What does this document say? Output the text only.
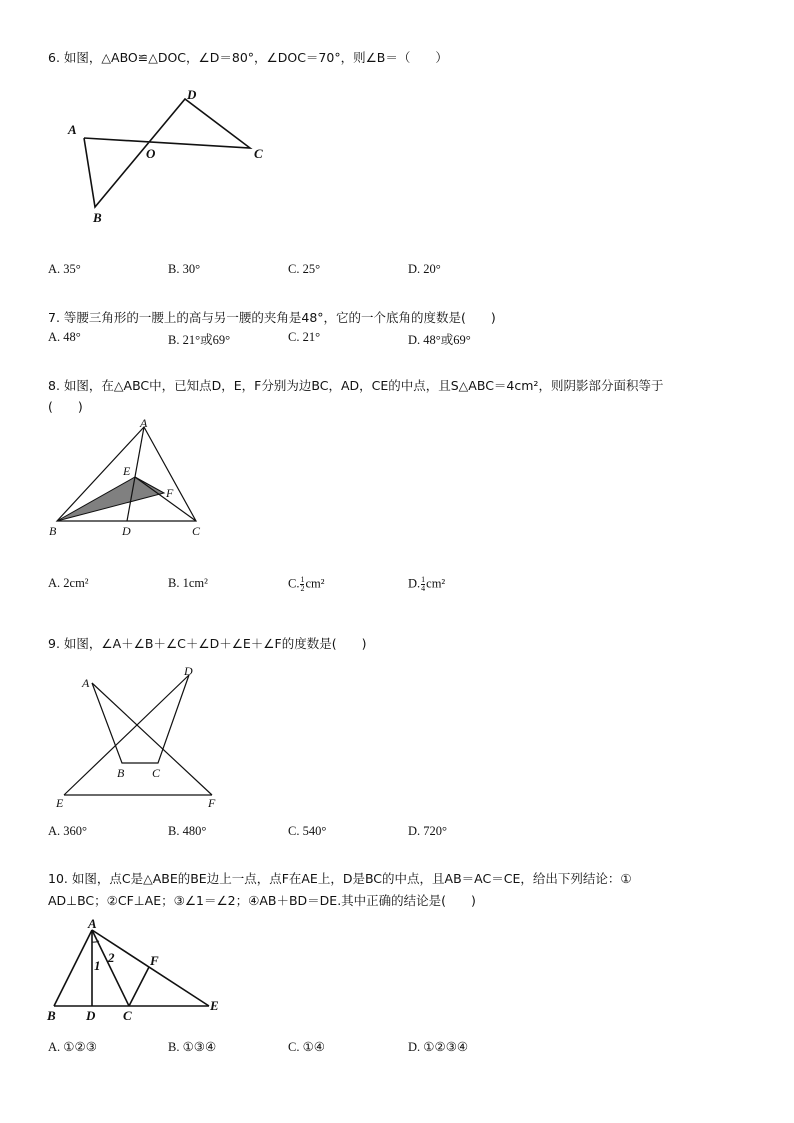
6. 如图，△ABO≌△DOC，∠D＝80°，∠DOC＝70°，则∠B＝（　　）
A
O
D
C
B
A. 35°	B. 30°	C. 25°	D. 20°
7. 等腰三角形的一腰上的高与另一腰的夹角是48°，它的一个底角的度数是(　　)
A. 48°	B. 21°或69°	C. 21°	D. 48°或69°
8. 如图，在△ABC中，已知点D，E，F分别为边BC，AD，CE的中点，且S△ABC＝4cm²，则阴影部分面积等于
(　　)
A
E
F
B	D	C
A. 2cm²	B. 1cm²	C. $\frac{1}{2} cm^2$	D. $\frac{1}{4} cm^2$
9. 如图，∠A＋∠B＋∠C＋∠D＋∠E＋∠F的度数是(　　)
A
D
B C
E	F
A. 360°	B. 480°	C. 540°	D. 720°
10. 如图，点C是△ABE的BE边上一点，点F在AE上，D是BC的中点，且AB＝AC＝CE，给出下列结论：①
AD⊥BC；②CF⊥AE；③∠1＝∠2；④AB＋BD＝DE.其中正确的结论是(　　)
A
1
2	F
B D C
E
A. ①②③	B. ①③④	C. ①④	D. ①②③④
